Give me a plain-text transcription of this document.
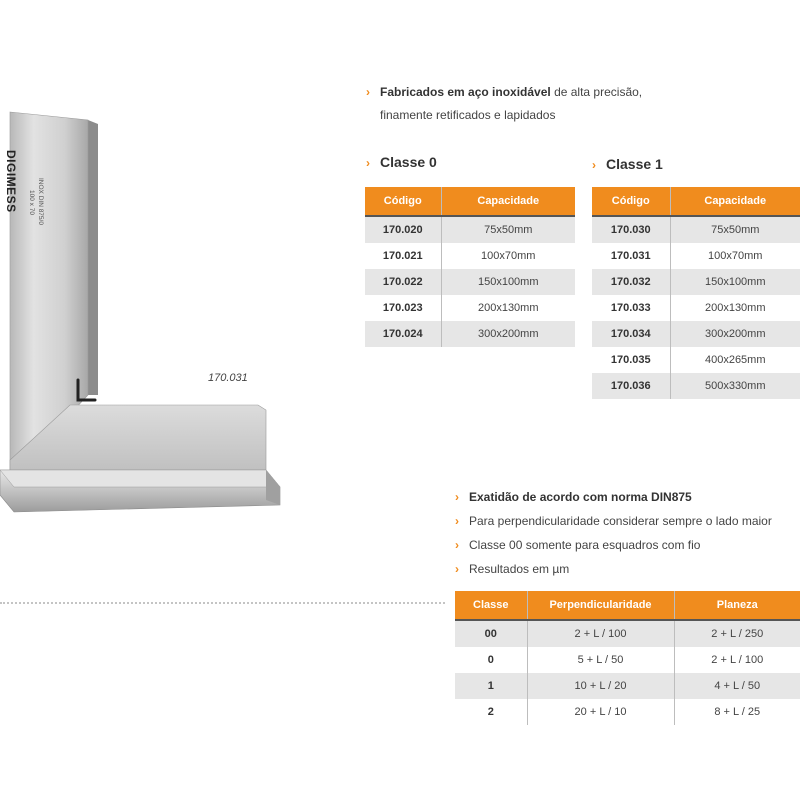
DIGIMESS	INOX DIN 875/0
100 x 70
170.031
› Fabricados em aço inoxidável de alta precisão,
finamente retificados e lapidados
› Classe 0
Código	Capacidade
170.020	75x50mm
170.021	100x70mm
170.022	150x100mm
170.023	200x130mm
170.024	300x200mm
› Classe 1
Código	Capacidade
170.030	75x50mm
170.031	100x70mm
170.032	150x100mm
170.033	200x130mm
170.034	300x200mm
170.035	400x265mm
170.036	500x330mm
› Exatidão de acordo com norma DIN875
› Para perpendicularidade considerar sempre o lado maior
› Classe 00 somente para esquadros com fio
› Resultados em µm
Classe	Perpendicularidade	Planeza
00	2 + L / 100	2 + L / 250
0	5 + L / 50	2 + L / 100
1	10 + L / 20	4 + L / 50
2	20 + L / 10	8 + L / 25
